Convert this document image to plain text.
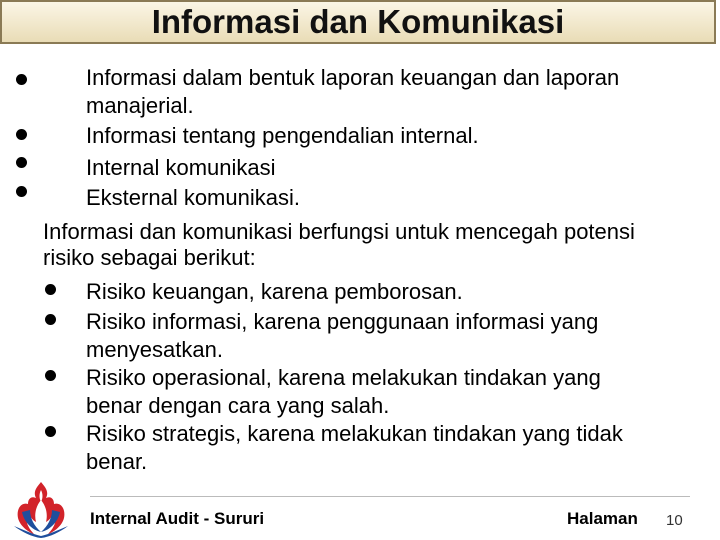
Informasi dan Komunikasi
Informasi dalam bentuk laporan keuangan dan laporan manajerial.
Informasi tentang pengendalian internal.
Internal komunikasi
Eksternal komunikasi.
Informasi dan komunikasi berfungsi untuk mencegah potensi risiko sebagai berikut:
Risiko keuangan, karena pemborosan.
Risiko informasi, karena penggunaan informasi yang menyesatkan.
Risiko operasional, karena melakukan tindakan yang benar dengan cara yang salah.
Risiko strategis, karena melakukan tindakan yang tidak benar.
Internal Audit - Sururi	Halaman 10
